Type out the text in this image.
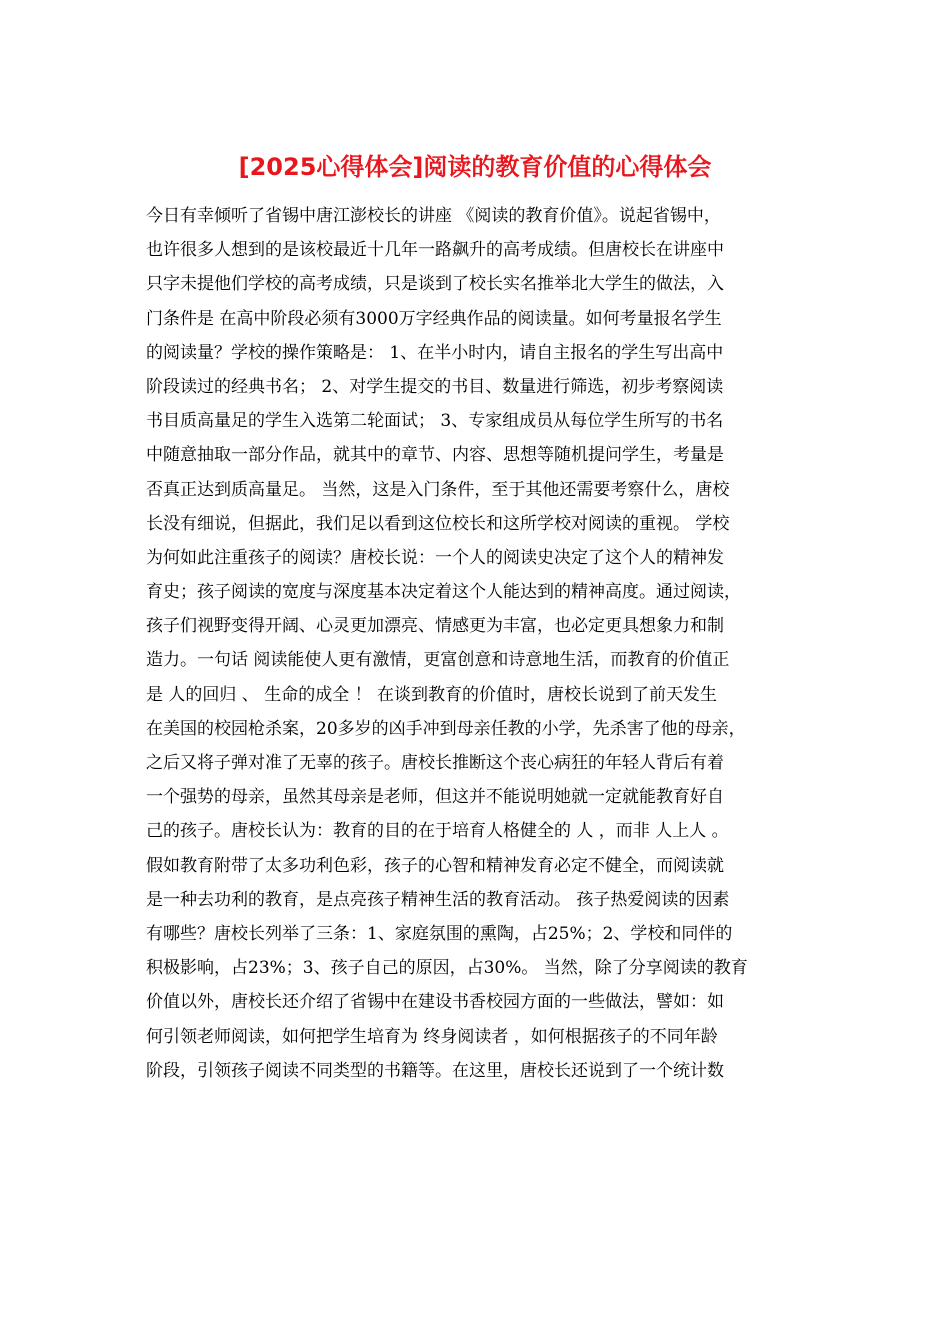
[2025心得体会]阅读的教育价值的心得体会
今日有幸倾听了省锡中唐江澎校长的讲座 《阅读的教育价值》。说起省锡中，
也许很多人想到的是该校最近十几年一路飙升的高考成绩。但唐校长在讲座中
只字未提他们学校的高考成绩，只是谈到了校长实名推举北大学生的做法，入
门条件是 在高中阶段必须有3000万字经典作品的阅读量。如何考量报名学生
的阅读量？学校的操作策略是： 1、在半小时内，请自主报名的学生写出高中
阶段读过的经典书名； 2、对学生提交的书目、数量进行筛选，初步考察阅读
书目质高量足的学生入选第二轮面试； 3、专家组成员从每位学生所写的书名
中随意抽取一部分作品，就其中的章节、内容、思想等随机提问学生，考量是
否真正达到质高量足。 当然，这是入门条件，至于其他还需要考察什么，唐校
长没有细说，但据此，我们足以看到这位校长和这所学校对阅读的重视。 学校
为何如此注重孩子的阅读？唐校长说：一个人的阅读史决定了这个人的精神发
育史；孩子阅读的宽度与深度基本决定着这个人能达到的精神高度。通过阅读，
孩子们视野变得开阔、心灵更加漂亮、情感更为丰富，也必定更具想象力和制
造力。一句话 阅读能使人更有激情，更富创意和诗意地生活，而教育的价值正
是 人的回归 、 生命的成全 ！ 在谈到教育的价值时，唐校长说到了前天发生
在美国的校园枪杀案，20多岁的凶手冲到母亲任教的小学，先杀害了他的母亲，
之后又将子弹对准了无辜的孩子。唐校长推断这个丧心病狂的年轻人背后有着
一个强势的母亲，虽然其母亲是老师，但这并不能说明她就一定就能教育好自
己的孩子。唐校长认为：教育的目的在于培育人格健全的 人 ，而非 人上人 。
假如教育附带了太多功利色彩，孩子的心智和精神发育必定不健全，而阅读就
是一种去功利的教育，是点亮孩子精神生活的教育活动。 孩子热爱阅读的因素
有哪些？唐校长列举了三条：1、家庭氛围的熏陶，占25%；2、学校和同伴的
积极影响，占23%；3、孩子自己的原因，占30%。 当然，除了分享阅读的教育
价值以外，唐校长还介绍了省锡中在建设书香校园方面的一些做法，譬如：如
何引领老师阅读，如何把学生培育为 终身阅读者 ，如何根据孩子的不同年龄
阶段，引领孩子阅读不同类型的书籍等。在这里，唐校长还说到了一个统计数
